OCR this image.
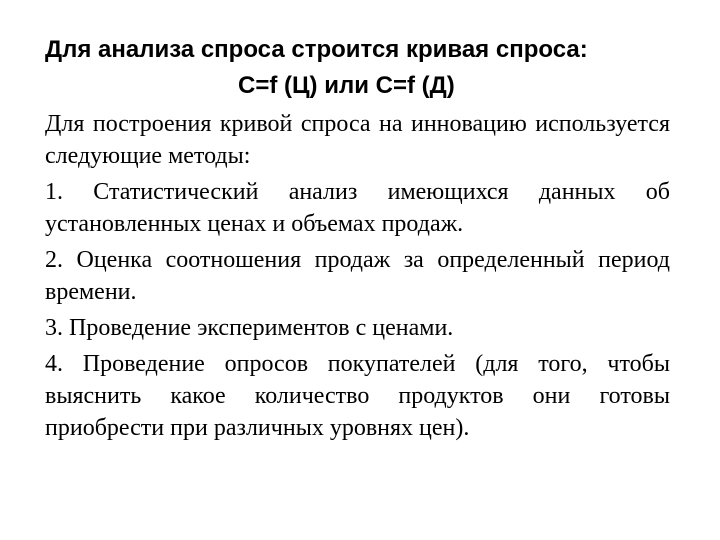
Для анализа спроса строится кривая спроса:

С=f (Ц) или С=f (Д)

Для построения кривой спроса на инновацию используется следующие методы:

1. Статистический анализ имеющихся данных об установленных ценах и объемах продаж.

2. Оценка соотношения продаж за определенный период времени.

3. Проведение экспериментов с ценами.

4. Проведение опросов покупателей (для того, чтобы выяснить какое количество продуктов они готовы приобрести при различных уровнях цен).
